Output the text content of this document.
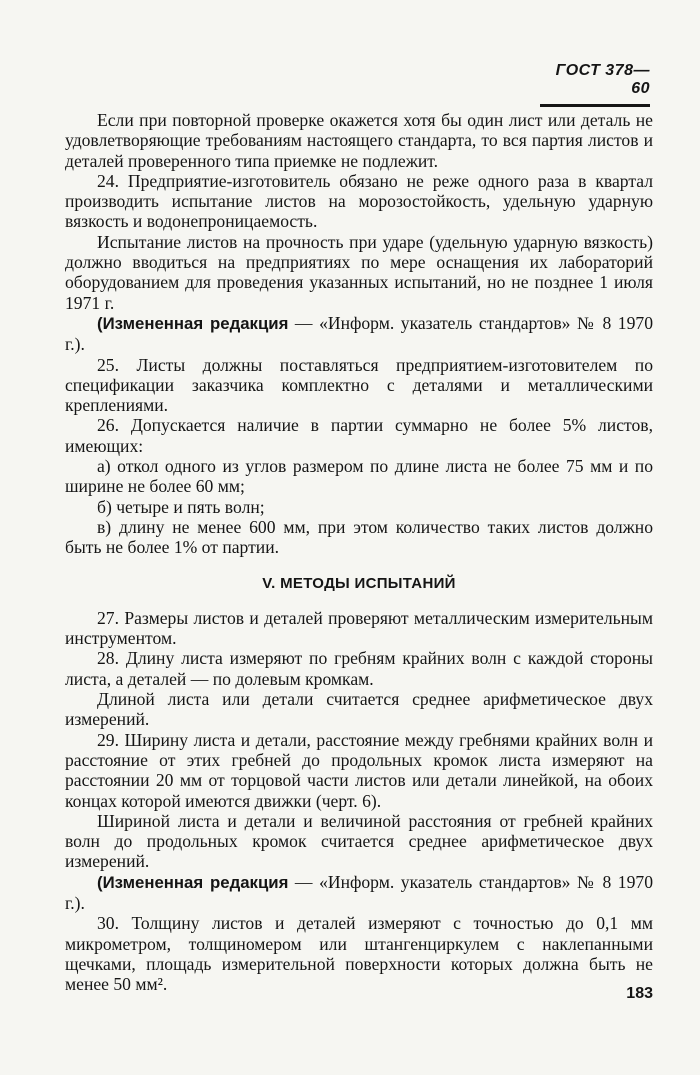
ГОСТ 378—60

Если при повторной проверке окажется хотя бы один лист или деталь не удовлетворяющие требованиям настоящего стандарта, то вся партия листов и деталей проверенного типа приемке не подлежит.

24. Предприятие-изготовитель обязано не реже одного раза в квартал производить испытание листов на морозостойкость, удельную ударную вязкость и водонепроницаемость.

Испытание листов на прочность при ударе (удельную ударную вязкость) должно вводиться на предприятиях по мере оснащения их лабораторий оборудованием для проведения указанных испытаний, но не позднее 1 июля 1971 г.

(Измененная редакция — «Информ. указатель стандартов» № 8 1970 г.).

25. Листы должны поставляться предприятием-изготовителем по спецификации заказчика комплектно с деталями и металлическими креплениями.

26. Допускается наличие в партии суммарно не более 5% листов, имеющих:

а) откол одного из углов размером по длине листа не более 75 мм и по ширине не более 60 мм;

б) четыре и пять волн;

в) длину не менее 600 мм, при этом количество таких листов должно быть не более 1% от партии.

V. МЕТОДЫ ИСПЫТАНИЙ

27. Размеры листов и деталей проверяют металлическим измерительным инструментом.

28. Длину листа измеряют по гребням крайних волн с каждой стороны листа, а деталей — по долевым кромкам.

Длиной листа или детали считается среднее арифметическое двух измерений.

29. Ширину листа и детали, расстояние между гребнями крайних волн и расстояние от этих гребней до продольных кромок листа измеряют на расстоянии 20 мм от торцовой части листов или детали линейкой, на обоих концах которой имеются движки (черт. 6).

Шириной листа и детали и величиной расстояния от гребней крайних волн до продольных кромок считается среднее арифметическое двух измерений.

(Измененная редакция — «Информ. указатель стандартов» № 8 1970 г.).

30. Толщину листов и деталей измеряют с точностью до 0,1 мм микрометром, толщиномером или штангенциркулем с наклепанными щечками, площадь измерительной поверхности которых должна быть не менее 50 мм².	183
